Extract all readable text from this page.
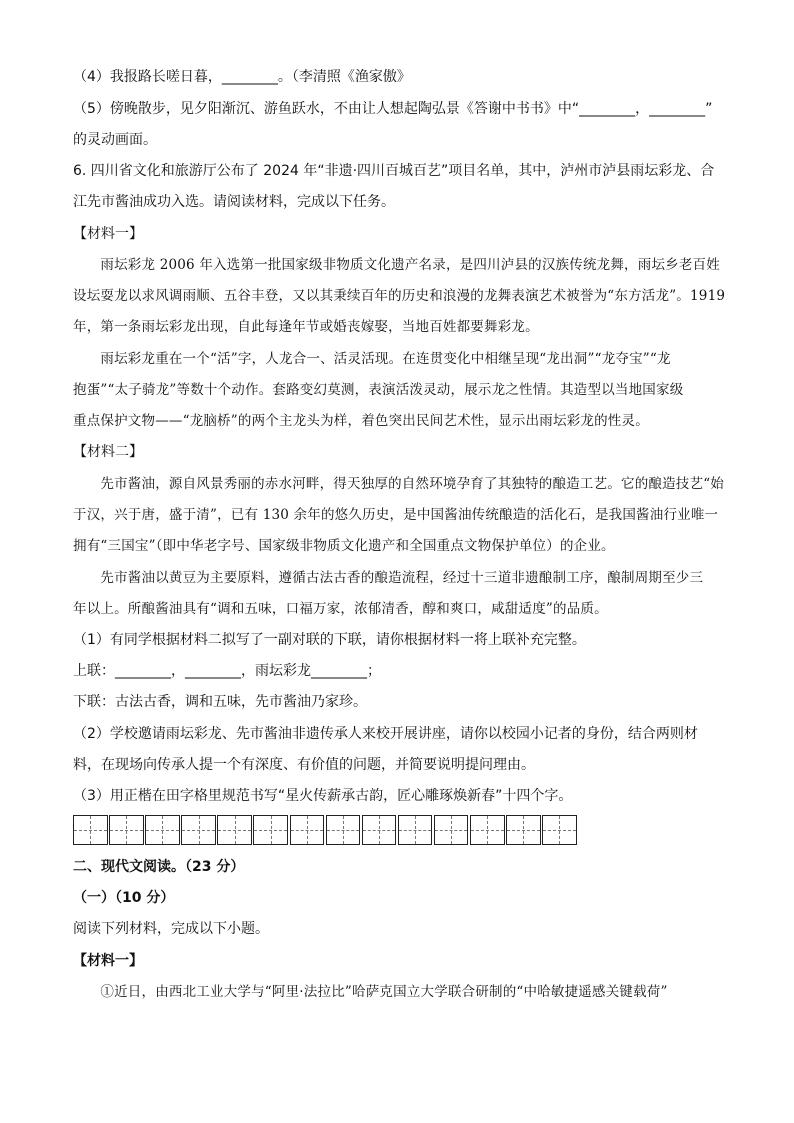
（4）我报路长嗟日暮，________。（李清照《渔家傲》
（5）傍晚散步，见夕阳渐沉、游鱼跃水，不由让人想起陶弘景《答谢中书书》中“________，________”
的灵动画面。
6. 四川省文化和旅游厅公布了 2024 年“非遗·四川百城百艺”项目名单，其中，泸州市泸县雨坛彩龙、合
江先市酱油成功入选。请阅读材料，完成以下任务。
【材料一】
　　雨坛彩龙 2006 年入选第一批国家级非物质文化遗产名录，是四川泸县的汉族传统龙舞，雨坛乡老百姓
设坛耍龙以求风调雨顺、五谷丰登，又以其秉续百年的历史和浪漫的龙舞表演艺术被誉为“东方活龙”。1919
年，第一条雨坛彩龙出现，自此每逢年节或婚丧嫁娶，当地百姓都要舞彩龙。
　　雨坛彩龙重在一个“活”字，人龙合一、活灵活现。在连贯变化中相继呈现“龙出洞”“龙夺宝”“龙
抱蛋”“太子骑龙”等数十个动作。套路变幻莫测，表演活泼灵动，展示龙之性情。其造型以当地国家级
重点保护文物——“龙脑桥”的两个主龙头为样，着色突出民间艺术性，显示出雨坛彩龙的性灵。
【材料二】
　　先市酱油，源自风景秀丽的赤水河畔，得天独厚的自然环境孕育了其独特的酿造工艺。它的酿造技艺“始
于汉，兴于唐，盛于清”，已有 130 余年的悠久历史，是中国酱油传统酿造的活化石，是我国酱油行业唯一
拥有“三国宝”（即中华老字号、国家级非物质文化遗产和全国重点文物保护单位）的企业。
　　先市酱油以黄豆为主要原料，遵循古法古香的酿造流程，经过十三道非遗酿制工序，酿制周期至少三
年以上。所酿酱油具有“调和五味，口福万家，浓郁清香，醇和爽口，咸甜适度”的品质。
（1）有同学根据材料二拟写了一副对联的下联，请你根据材料一将上联补充完整。
上联：________，________，雨坛彩龙________；
下联：古法古香，调和五味，先市酱油乃家珍。
（2）学校邀请雨坛彩龙、先市酱油非遗传承人来校开展讲座，请你以校园小记者的身份，结合两则材
料，在现场向传承人提一个有深度、有价值的问题，并简要说明提问理由。
（3）用正楷在田字格里规范书写“星火传薪承古韵，匠心雕琢焕新春”十四个字。
二、现代文阅读。（23 分）
（一）（10 分）
阅读下列材料，完成以下小题。
【材料一】
　　①近日，由西北工业大学与“阿里·法拉比”哈萨克国立大学联合研制的“中哈敏捷遥感关键载荷”
